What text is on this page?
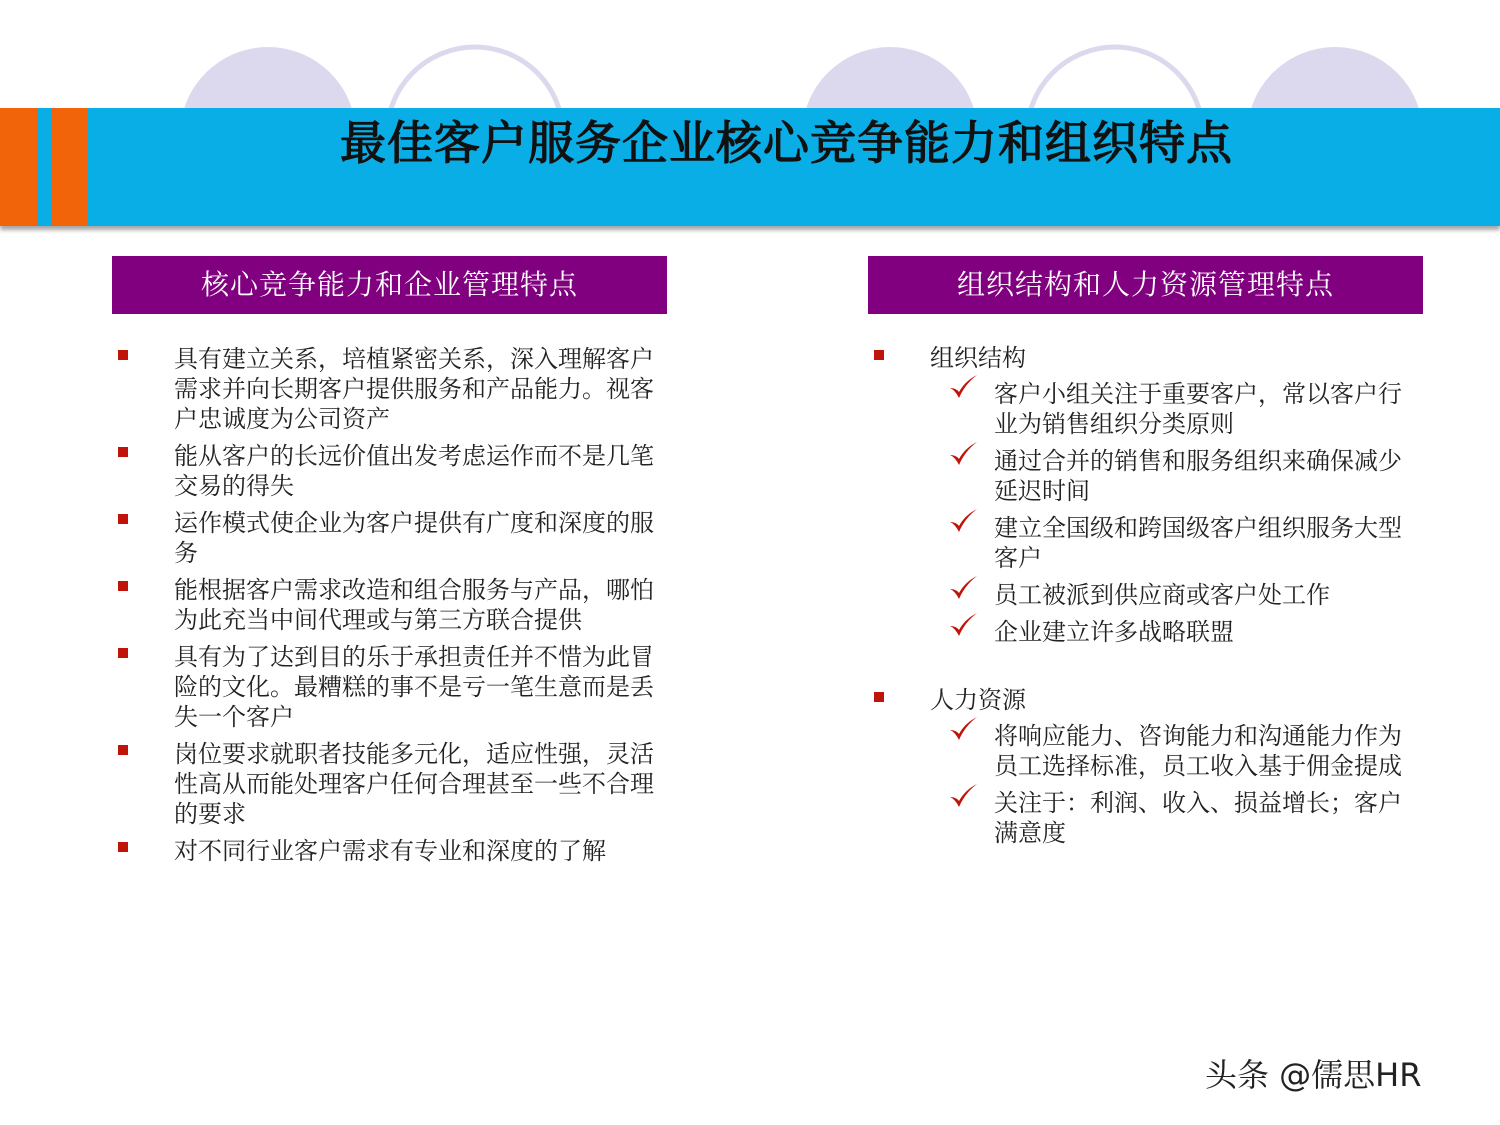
最佳客户服务企业核心竞争能力和组织特点
核心竞争能力和企业管理特点	组织结构和人力资源管理特点
具有建立关系，培植紧密关系，深入理解客户需求并向长期客户提供服务和产品能力。视客户忠诚度为公司资产
能从客户的长远价值出发考虑运作而不是几笔交易的得失
运作模式使企业为客户提供有广度和深度的服务
能根据客户需求改造和组合服务与产品，哪怕为此充当中间代理或与第三方联合提供
具有为了达到目的乐于承担责任并不惜为此冒险的文化。最糟糕的事不是亏一笔生意而是丢失一个客户
岗位要求就职者技能多元化，适应性强，灵活性高从而能处理客户任何合理甚至一些不合理的要求
对不同行业客户需求有专业和深度的了解
组织结构
客户小组关注于重要客户，常以客户行业为销售组织分类原则
通过合并的销售和服务组织来确保减少延迟时间
建立全国级和跨国级客户组织服务大型客户
员工被派到供应商或客户处工作
企业建立许多战略联盟
人力资源
将响应能力、咨询能力和沟通能力作为员工选择标准，员工收入基于佣金提成
关注于：利润、收入、损益增长；客户满意度
头条 @儒思HR
